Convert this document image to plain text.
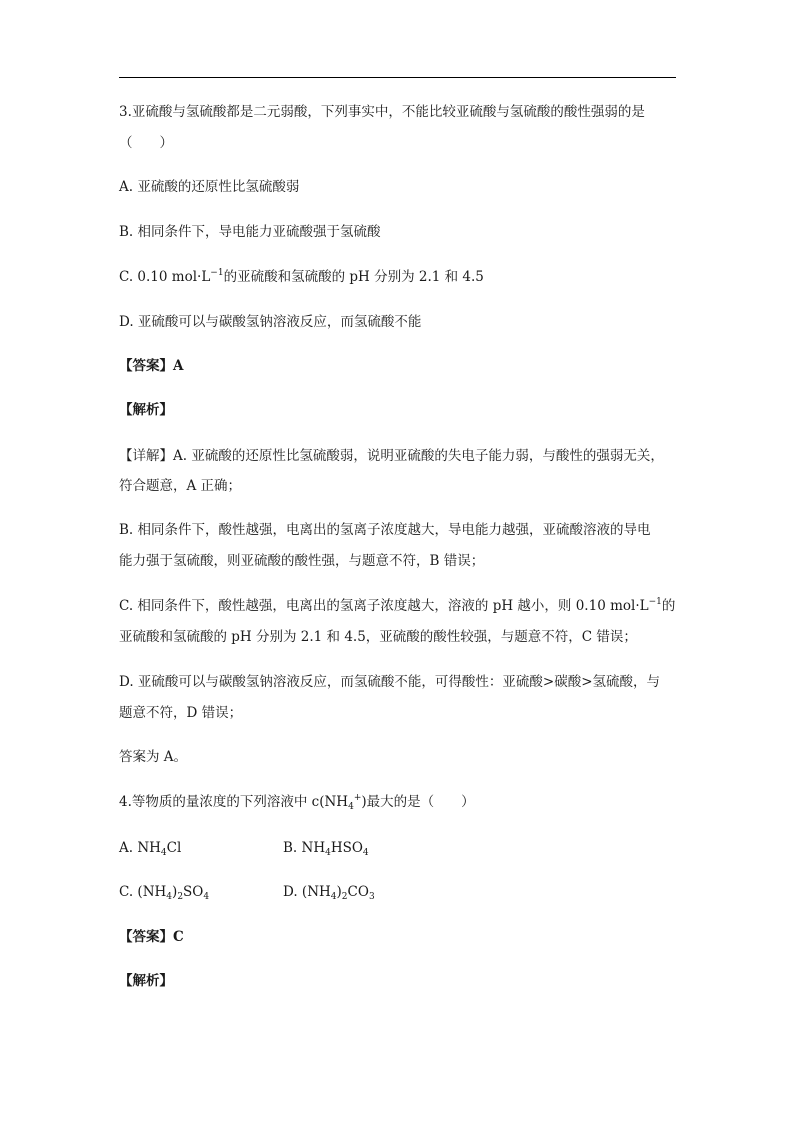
3.亚硫酸与氢硫酸都是二元弱酸，下列事实中，不能比较亚硫酸与氢硫酸的酸性强弱的是
（　　）
A. 亚硫酸的还原性比氢硫酸弱
B. 相同条件下，导电能力亚硫酸强于氢硫酸
C. 0.10 $mol\cdot L^{-1}$的亚硫酸和氢硫酸的 pH 分别为 2.1 和 4.5
D. 亚硫酸可以与碳酸氢钠溶液反应，而氢硫酸不能
【答案】A
【解析】
【详解】A. 亚硫酸的还原性比氢硫酸弱，说明亚硫酸的失电子能力弱，与酸性的强弱无关，
符合题意，A 正确；
B. 相同条件下，酸性越强，电离出的氢离子浓度越大，导电能力越强，亚硫酸溶液的导电
能力强于氢硫酸，则亚硫酸的酸性强，与题意不符，B 错误；
C. 相同条件下，酸性越强，电离出的氢离子浓度越大，溶液的 pH 越小，则 0.10 $mol\cdot L^{-1}$的
亚硫酸和氢硫酸的 pH 分别为 2.1 和 4.5，亚硫酸的酸性较强，与题意不符，C 错误；
D. 亚硫酸可以与碳酸氢钠溶液反应，而氢硫酸不能，可得酸性：亚硫酸>碳酸>氢硫酸，与
题意不符，D 错误；
答案为 A。
4.等物质的量浓度的下列溶液中 $c(NH_4^+)$最大的是（　　）
A. $NH_4Cl$	B. $NH_4HSO_4$
C. $(NH_4)_2SO_4$	D. $(NH_4)_2CO_3$
【答案】C
【解析】
